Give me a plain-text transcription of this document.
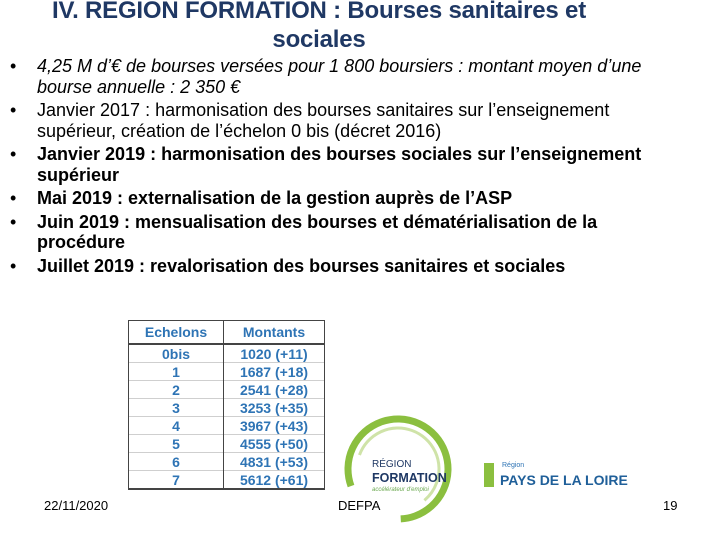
IV. REGION FORMATION : Bourses sanitaires et
sociales
• 4,25 M d’€ de bourses versées pour 1 800 boursiers : montant moyen d’une bourse annuelle : 2 350 €
• Janvier 2017 : harmonisation des bourses sanitaires sur l’enseignement supérieur, création de l’échelon 0 bis (décret 2016)
• Janvier 2019 : harmonisation des bourses sociales sur l’enseignement supérieur
• Mai 2019 : externalisation de la gestion auprès de l’ASP
• Juin 2019 : mensualisation des bourses et dématérialisation de la procédure
• Juillet 2019 : revalorisation des bourses sanitaires et sociales
Echelons	Montants
0bis	1020 (+11)
1	1687 (+18)
2	2541 (+28)
3	3253 (+35)
4	3967 (+43)
5	4555 (+50)
6	4831 (+53)
7	5612 (+61)
RÉGION
FORMATION
accélérateur d'emploi
Région
PAYS DE LA LOIRE
22/11/2020	DEFPA	19
